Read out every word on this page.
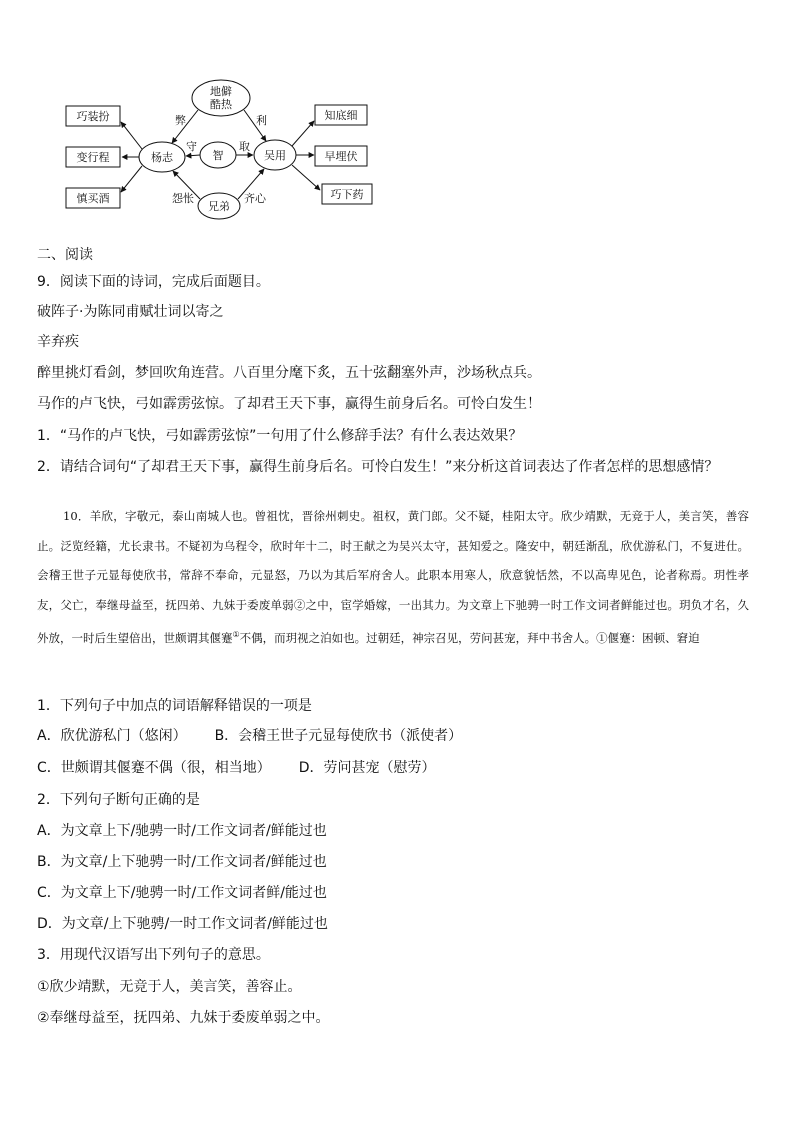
巧装扮
变行程
慎买酒
知底细
早埋伏
巧下药
地僻
酷热
杨志	智	吴用
兄弟
弊	利
守	取
怨怅	齐心
二、阅读
9．阅读下面的诗词，完成后面题目。
破阵子·为陈同甫赋壮词以寄之
辛弃疾
醉里挑灯看剑，梦回吹角连营。八百里分麾下炙，五十弦翻塞外声，沙场秋点兵。
马作的卢飞快，弓如霹雳弦惊。了却君王天下事，赢得生前身后名。可怜白发生！
1．“马作的卢飞快，弓如霹雳弦惊”一句用了什么修辞手法？有什么表达效果？
2．请结合词句“了却君王天下事，赢得生前身后名。可怜白发生！”来分析这首词表达了作者怎样的思想感情？
10．羊欣，字敬元，泰山南城人也。曾祖忱，晋徐州刺史。祖权，黄门郎。父不疑，桂阳太守。欣少靖默，无竞于人，美言笑，善容止。泛览经籍，尤长隶书。不疑初为乌程令，欣时年十二，时王献之为吴兴太守，甚知爱之。隆安中，朝廷渐乱，欣优游私门，不复进仕。会稽王世子元显每使欣书，常辞不奉命，元显怒，乃以为其后军府舍人。此职本用寒人，欣意貌恬然，不以高卑见色，论者称焉。玥性孝友，父亡，奉继母益至，抚四弟、九妹于委废单弱②之中，宦学婚嫁，一出其力。为文章上下驰骋一时工作文词者鲜能过也。玥负才名，久外放，一时后生望倍出，世颇谓其偃蹇①不偶，而玥视之泊如也。过朝廷，神宗召见，劳问甚宠，拜中书舍人。①偃蹇：困顿、窘迫
1．下列句子中加点的词语解释错误的一项是
A．欣优游私门（悠闲） B．会稽王世子元显每使欣书（派使者）
C．世颇谓其偃蹇不偶（很，相当地） D．劳问甚宠（慰劳）
2．下列句子断句正确的是
A．为文章上下/驰骋一时/工作文词者/鲜能过也
B．为文章/上下驰骋一时/工作文词者/鲜能过也
C．为文章上下/驰骋一时/工作文词者鲜/能过也
D．为文章/上下驰骋/一时工作文词者/鲜能过也
3．用现代汉语写出下列句子的意思。
①欣少靖默，无竞于人，美言笑，善容止。
②奉继母益至，抚四弟、九妹于委废单弱之中。
